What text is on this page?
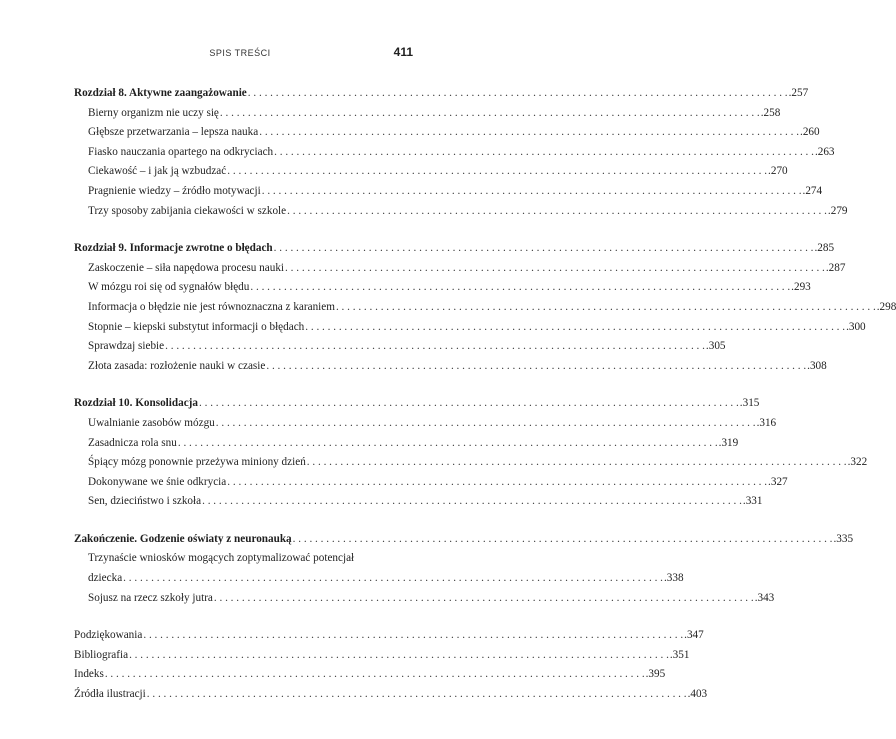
SPIS TREŚCI	411
Rozdział 8. Aktywne zaangażowanie . . .	.257
Bierny organizm nie uczy się . . .	.258
Głębsze przetwarzania – lepsza nauka . . .	.260
Fiasko nauczania opartego na odkryciach . . .	.263
Ciekawość – i jak ją wzbudzać . . .	.270
Pragnienie wiedzy – źródło motywacji . . .	.274
Trzy sposoby zabijania ciekawości w szkole . . .	.279
Rozdział 9. Informacje zwrotne o błędach . . .	.285
Zaskoczenie – siła napędowa procesu nauki . . .	.287
W mózgu roi się od sygnałów błędu . . .	.293
Informacja o błędzie nie jest równoznaczna z karaniem . . .	.298
Stopnie – kiepski substytut informacji o błędach . . .	.300
Sprawdzaj siebie . . .	.305
Złota zasada: rozłożenie nauki w czasie . . .	.308
Rozdział 10. Konsolidacja . . .	.315
Uwalnianie zasobów mózgu . . .	.316
Zasadnicza rola snu . . .	.319
Śpiący mózg ponownie przeżywa miniony dzień . . .	.322
Dokonywane we śnie odkrycia . . .	.327
Sen, dzieciństwo i szkoła . . .	.331
Zakończenie. Godzenie oświaty z neuronauką . . .	.335
Trzynaście wniosków mogących zoptymalizować potencjał
dziecka . . .	.338
Sojusz na rzecz szkoły jutra . . .	.343
Podziękowania . . .	.347
Bibliografia . . .	.351
Indeks . . .	.395
Źródła ilustracji . . .	.403
